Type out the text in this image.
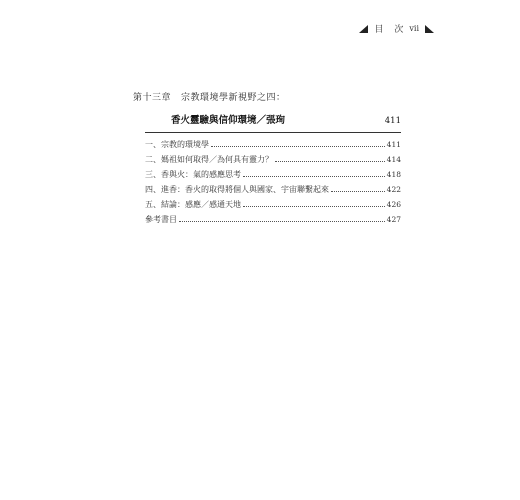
目 次 vii
第十三章 宗教環境學新視野之四：
香火靈驗與信仰環境／張珣	411
一、宗教的環境學	411
二、媽祖如何取得／為何具有靈力？	414
三、香與火：氣的感應思考	418
四、進香：香火的取得將個人與國家、宇宙聯繫起來	422
五、結論：感應／感通天地	426
參考書目	427
